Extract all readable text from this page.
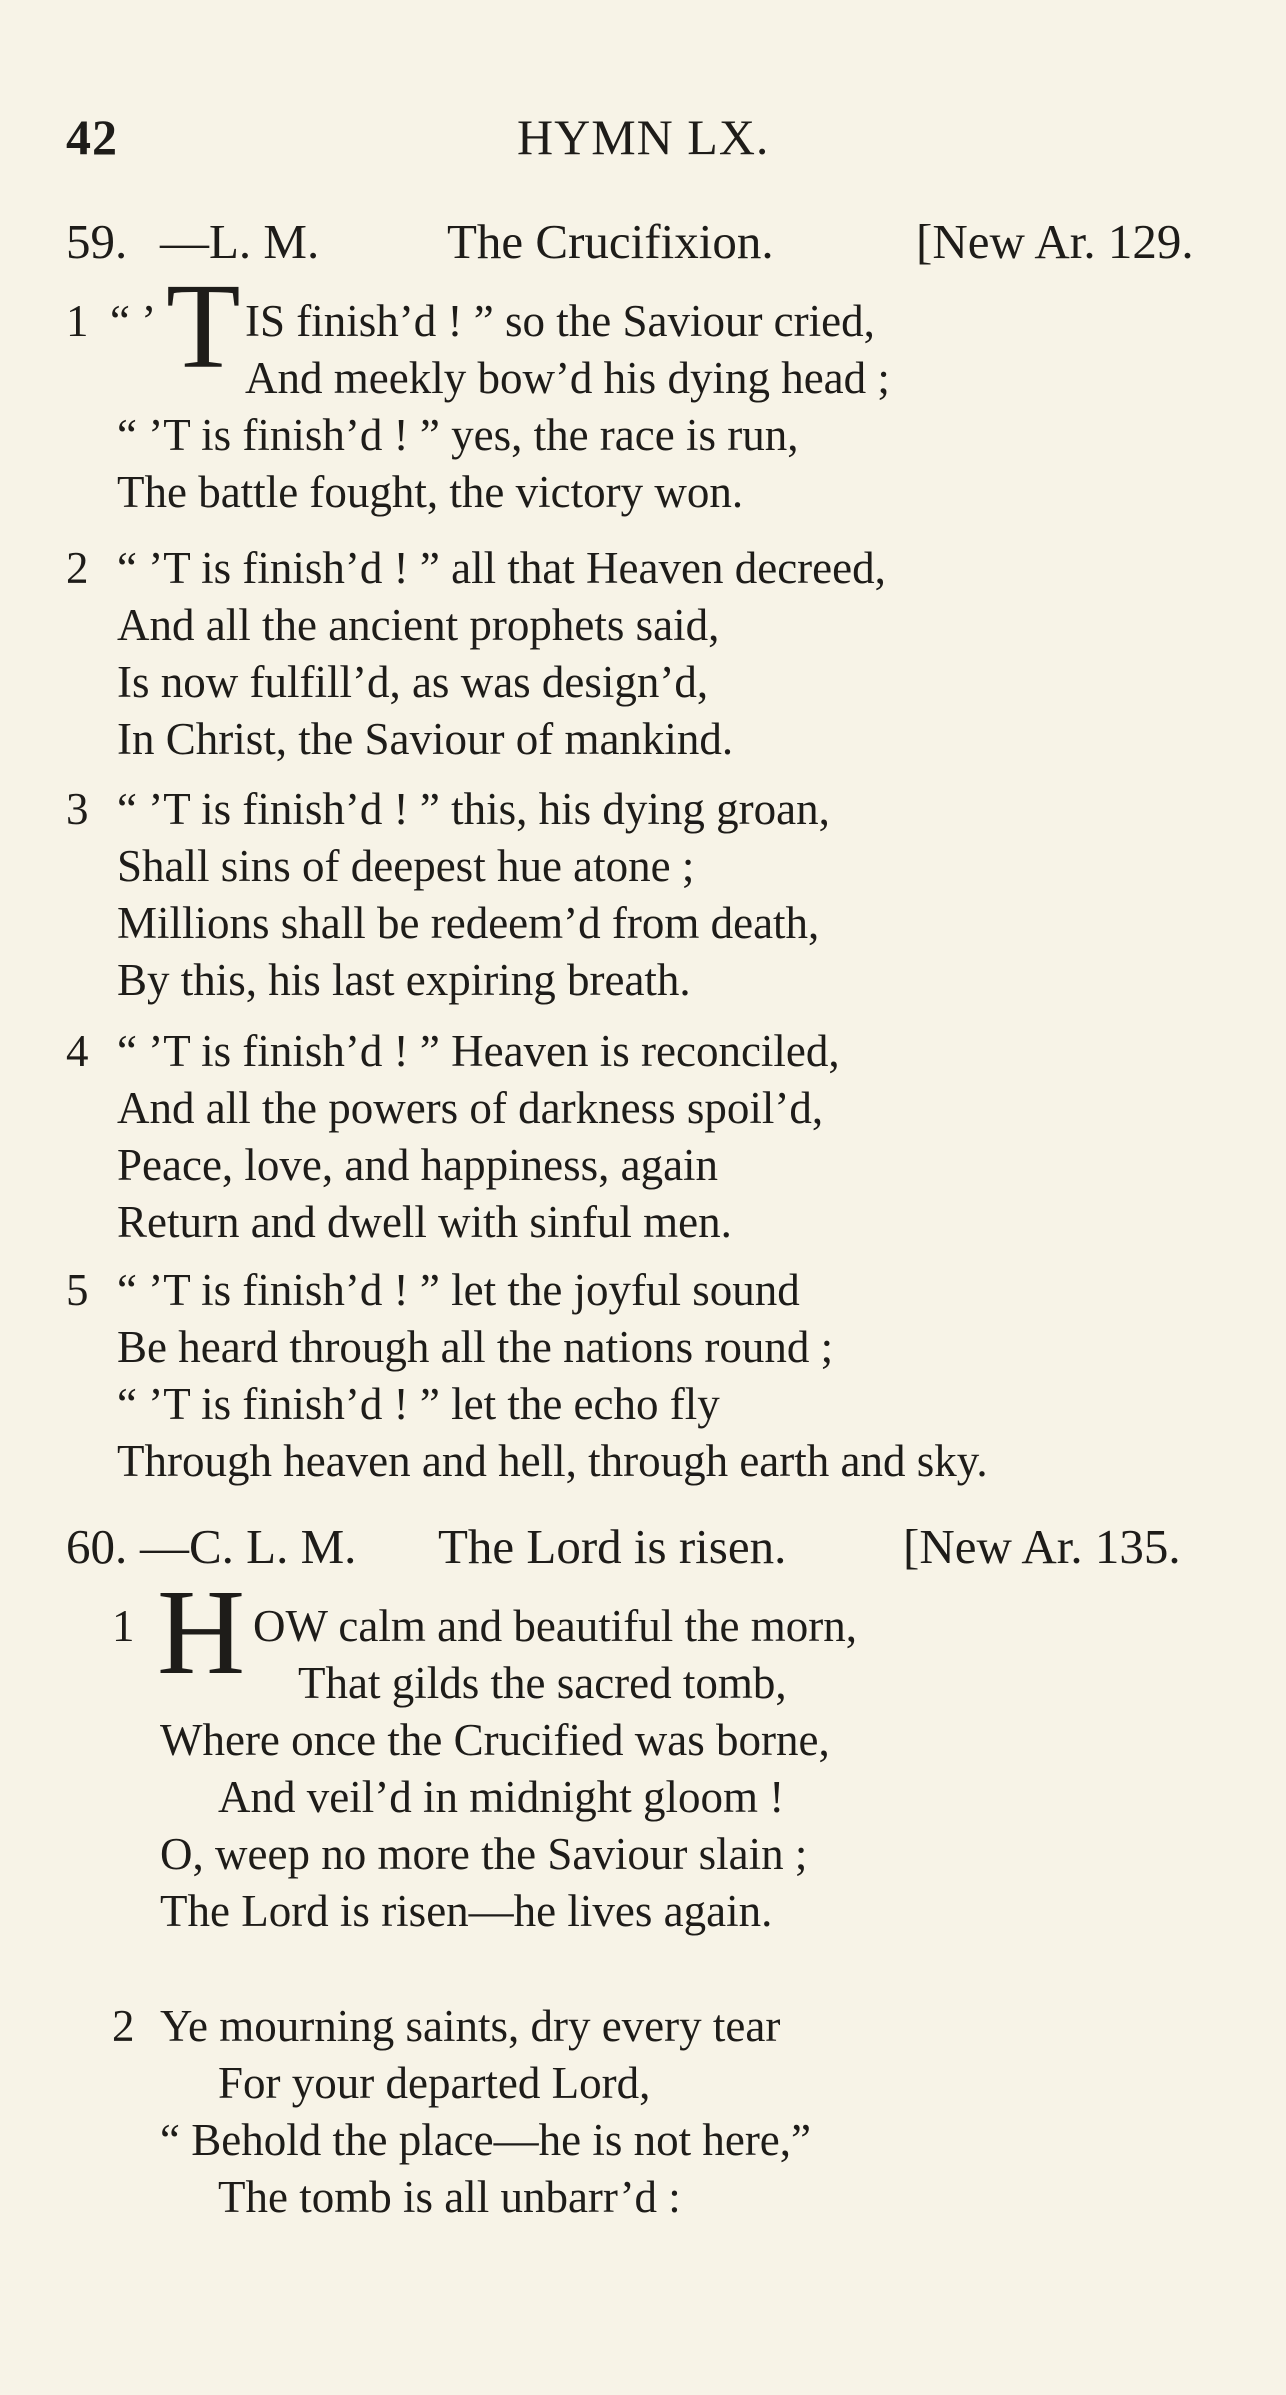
42	HYMN LX.
59. —L. M.	The Crucifixion.	[New Ar. 129.
1 “ ’ T IS finish’d ! ” so the Saviour cried,
And meekly bow’d his dying head ;
“ ’T is finish’d ! ” yes, the race is run,
The battle fought, the victory won.
2 “ ’T is finish’d ! ” all that Heaven decreed,
And all the ancient prophets said,
Is now fulfill’d, as was design’d,
In Christ, the Saviour of mankind.
3 “ ’T is finish’d ! ” this, his dying groan,
Shall sins of deepest hue atone ;
Millions shall be redeem’d from death,
By this, his last expiring breath.
4 “ ’T is finish’d ! ” Heaven is reconciled,
And all the powers of darkness spoil’d,
Peace, love, and happiness, again
Return and dwell with sinful men.
5 “ ’T is finish’d ! ” let the joyful sound
Be heard through all the nations round ;
“ ’T is finish’d ! ” let the echo fly
Through heaven and hell, through earth and sky.
60. —C. L. M. The Lord is risen. [New Ar. 135.
1 H OW calm and beautiful the morn,
That gilds the sacred tomb,
Where once the Crucified was borne,
And veil’d in midnight gloom !
O, weep no more the Saviour slain ;
The Lord is risen—he lives again.
2 Ye mourning saints, dry every tear
For your departed Lord,
“ Behold the place—he is not here,”
The tomb is all unbarr’d :
